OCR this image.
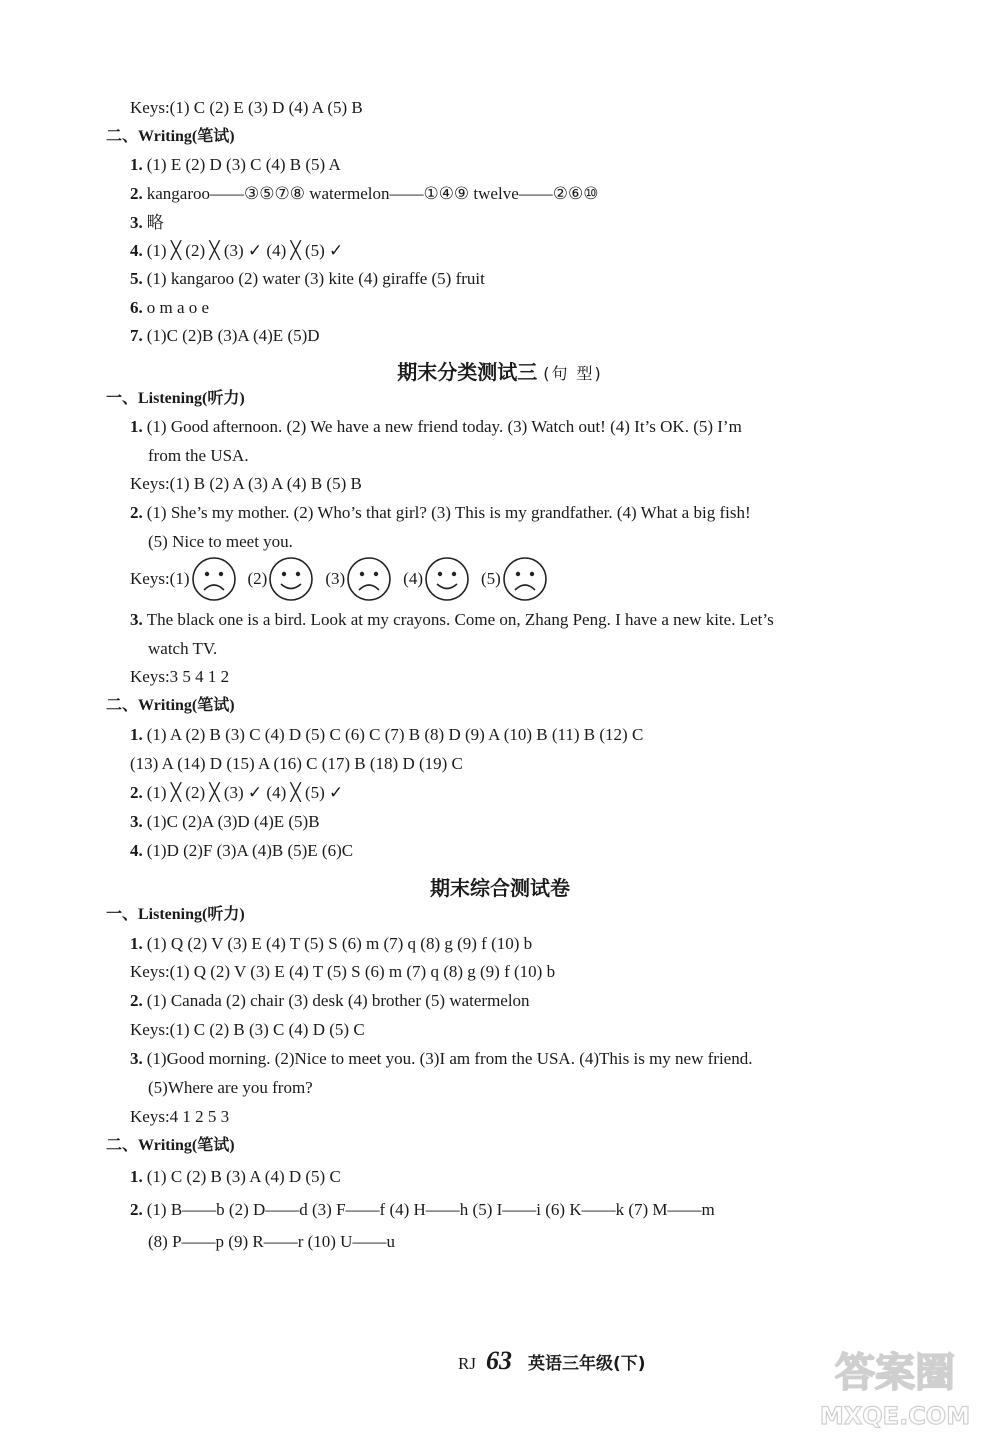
Keys:(1) C (2) E (3) D (4) A (5) B
二、Writing(笔试)
1. (1) E (2) D (3) C (4) B (5) A
2. kangaroo——③⑤⑦⑧ watermelon——①④⑨ twelve——②⑥⑩
3. 略
4. (1) ╳ (2) ╳ (3) ✓ (4) ╳ (5) ✓
5. (1) kangaroo (2) water (3) kite (4) giraffe (5) fruit
6. o m a o e
7. (1)C (2)B (3)A (4)E (5)D
期末分类测试三 (句 型)
一、Listening(听力)
1. (1) Good afternoon. (2) We have a new friend today. (3) Watch out! (4) It’s OK. (5) I’m
from the USA.
Keys:(1) B (2) A (3) A (4) B (5) B
2. (1) She’s my mother. (2) Who’s that girl? (3) This is my grandfather. (4) What a big fish!
(5) Nice to meet you.
Keys:(1)	(2)	(3)	(4)	(5)
3. The black one is a bird. Look at my crayons. Come on, Zhang Peng. I have a new kite. Let’s
watch TV.
Keys:3 5 4 1 2
二、Writing(笔试)
1. (1) A (2) B (3) C (4) D (5) C (6) C (7) B (8) D (9) A (10) B (11) B (12) C
(13) A (14) D (15) A (16) C (17) B (18) D (19) C
2. (1) ╳ (2) ╳ (3) ✓ (4) ╳ (5) ✓
3. (1)C (2)A (3)D (4)E (5)B
4. (1)D (2)F (3)A (4)B (5)E (6)C
期末综合测试卷
一、Listening(听力)
1. (1) Q (2) V (3) E (4) T (5) S (6) m (7) q (8) g (9) f (10) b
Keys:(1) Q (2) V (3) E (4) T (5) S (6) m (7) q (8) g (9) f (10) b
2. (1) Canada (2) chair (3) desk (4) brother (5) watermelon
Keys:(1) C (2) B (3) C (4) D (5) C
3. (1)Good morning. (2)Nice to meet you. (3)I am from the USA. (4)This is my new friend.
(5)Where are you from?
Keys:4 1 2 5 3
二、Writing(笔试)
1. (1) C (2) B (3) A (4) D (5) C
2. (1) B——b (2) D——d (3) F——f (4) H——h (5) I——i (6) K——k (7) M——m
(8) P——p (9) R——r (10) U——u
RJ 63 英语三年级(下)	答案圈
MXQE.COM
